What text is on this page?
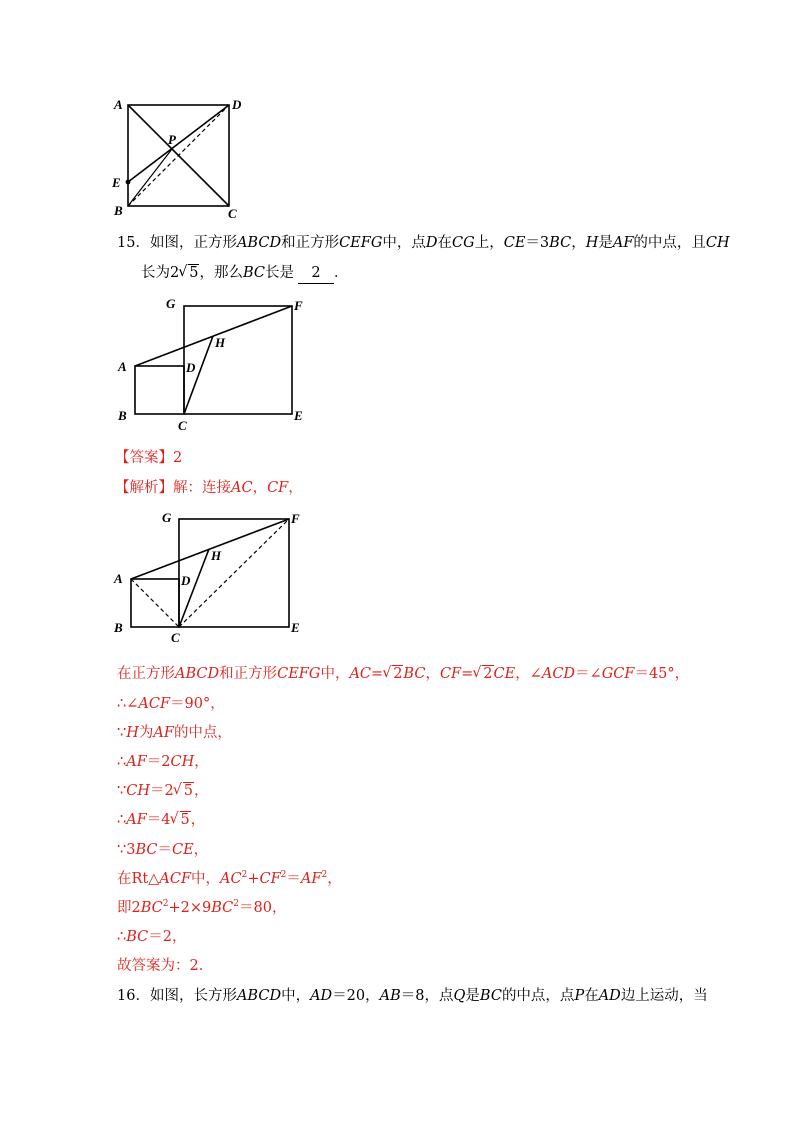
A	D
P
E
B	C
15．如图，正方形ABCD和正方形CEFG中，点D在CG上，CE＝3BC，H是AF的中点，且CH
长为2 √ 5，那么BC长是 2 ．
G	F
A	D
H
B
C
E
【答案】2
【解析】解：连接AC，CF，
G	F
A	D
H
B
C
E
在正方形ABCD和正方形CEFG中，AC= √ 2BC，CF= √ 2CE，∠ACD＝∠GCF＝45°，
∴∠ACF＝90°，
∵H为AF的中点，
∴AF＝2CH，
∵CH＝2 √ 5，
∴AF＝4 √ 5，
∵3BC＝CE，
在Rt△ACF中，$AC^2+CF^2=AF^2$，
即$2BC^2+2\times 9BC^2=80$，
∴BC＝2，
故答案为：2．
16．如图，长方形ABCD中，AD＝20，AB＝8，点Q是BC的中点，点P在AD边上运动，当
